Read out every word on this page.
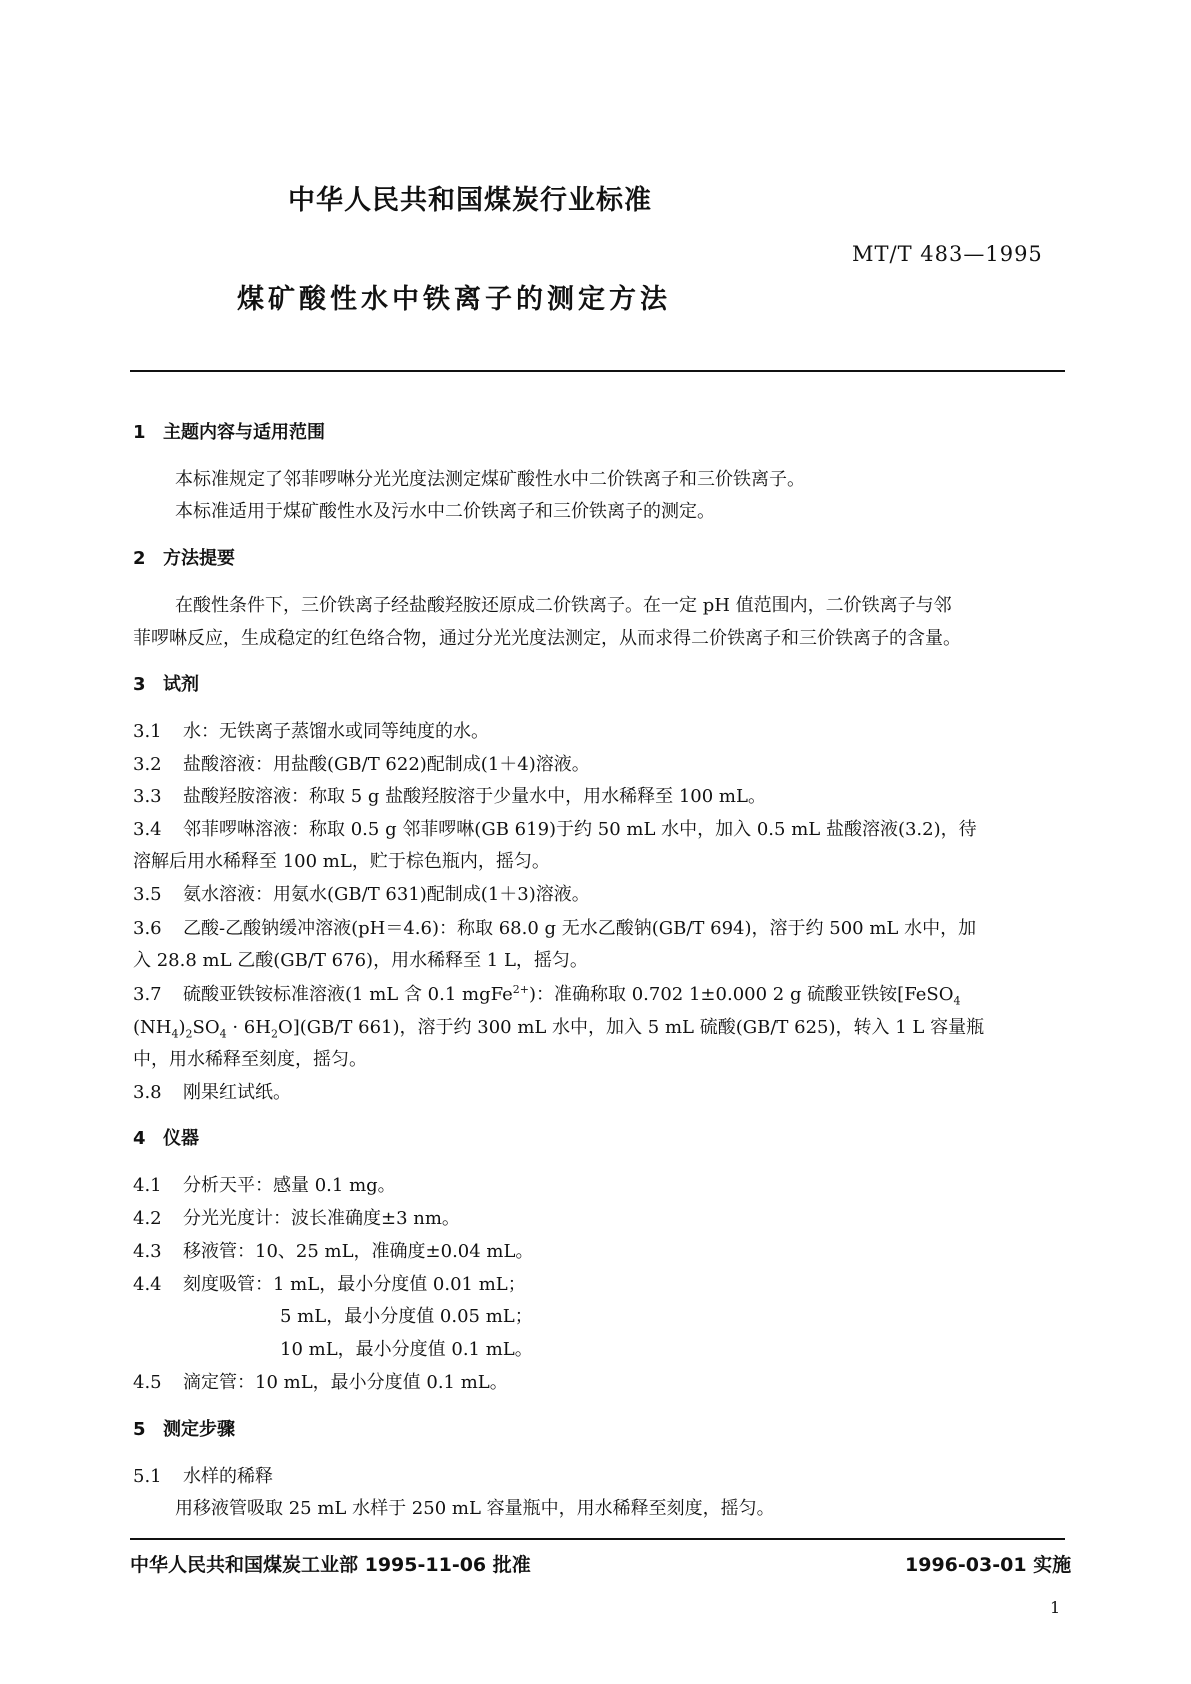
中华人民共和国煤炭行业标准
MT/T 483—1995
煤矿酸性水中铁离子的测定方法
1 主题内容与适用范围
本标准规定了邻菲啰啉分光光度法测定煤矿酸性水中二价铁离子和三价铁离子。
本标准适用于煤矿酸性水及污水中二价铁离子和三价铁离子的测定。
2 方法提要
在酸性条件下，三价铁离子经盐酸羟胺还原成二价铁离子。在一定 pH 值范围内，二价铁离子与邻
菲啰啉反应，生成稳定的红色络合物，通过分光光度法测定，从而求得二价铁离子和三价铁离子的含量。
3 试剂
3.1 水：无铁离子蒸馏水或同等纯度的水。
3.2 盐酸溶液：用盐酸(GB/T 622)配制成(1＋4)溶液。
3.3 盐酸羟胺溶液：称取 5 g 盐酸羟胺溶于少量水中，用水稀释至 100 mL。
3.4 邻菲啰啉溶液：称取 0.5 g 邻菲啰啉(GB 619)于约 50 mL 水中，加入 0.5 mL 盐酸溶液(3.2)，待
溶解后用水稀释至 100 mL，贮于棕色瓶内，摇匀。
3.5 氨水溶液：用氨水(GB/T 631)配制成(1＋3)溶液。
3.6 乙酸-乙酸钠缓冲溶液(pH＝4.6)：称取 68.0 g 无水乙酸钠(GB/T 694)，溶于约 500 mL 水中，加
入 28.8 mL 乙酸(GB/T 676)，用水稀释至 1 L，摇匀。
3.7 硫酸亚铁铵标准溶液(1 mL 含 0.1 mgFe$^{2+}$)：准确称取 0.702 1±0.000 2 g 硫酸亚铁铵[FeSO$_4$
$(NH_4)_2SO_4 \cdot 6H_2O](GB/T$ 661)，溶于约 300 mL 水中，加入 5 mL 硫酸(GB/T 625)，转入 1 L 容量瓶
中，用水稀释至刻度，摇匀。
3.8 刚果红试纸。
4 仪器
4.1 分析天平：感量 0.1 mg。
4.2 分光光度计：波长准确度±3 nm。
4.3 移液管：10、25 mL，准确度±0.04 mL。
4.4 刻度吸管：1 mL，最小分度值 0.01 mL；
5 mL，最小分度值 0.05 mL；
10 mL，最小分度值 0.1 mL。
4.5 滴定管：10 mL，最小分度值 0.1 mL。
5 测定步骤
5.1 水样的稀释
用移液管吸取 25 mL 水样于 250 mL 容量瓶中，用水稀释至刻度，摇匀。
中华人民共和国煤炭工业部 1995-11-06 批准	1996-03-01 实施
1
